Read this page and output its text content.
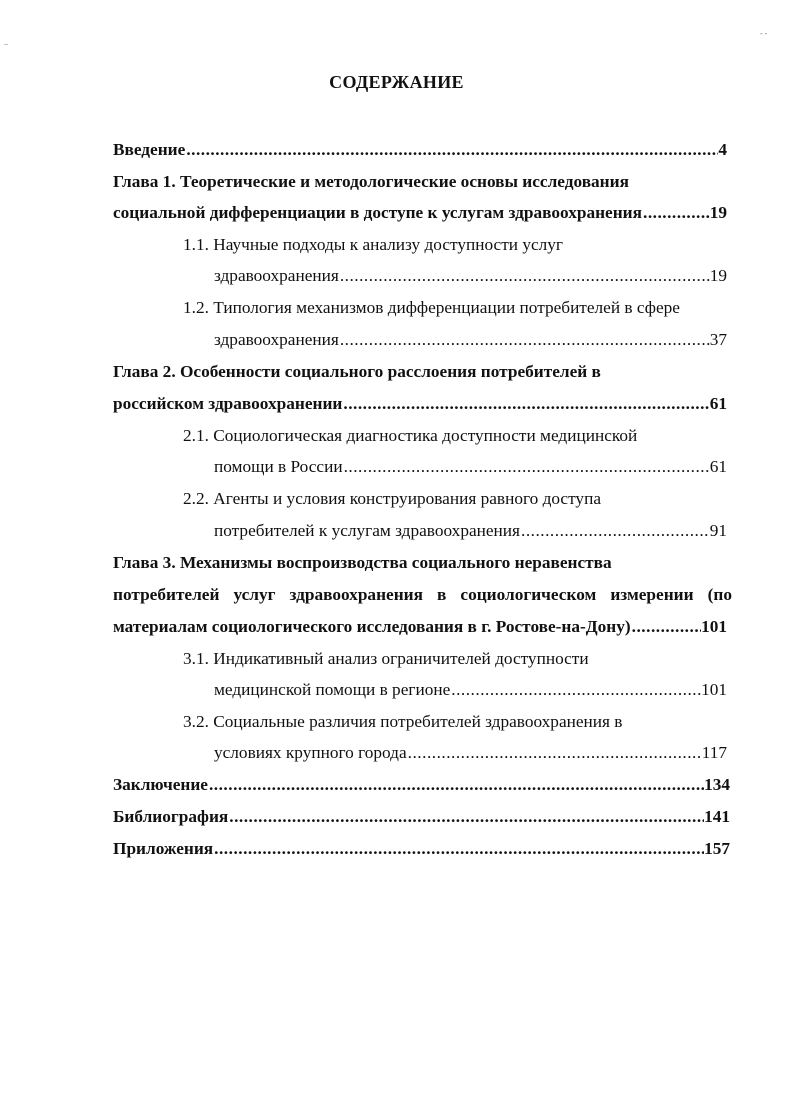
–
- -
СОДЕРЖАНИЕ
Введение .....	4
Глава 1. Теоретические и методологические основы исследования
социальной дифференциации в доступе к услугам здравоохранения .....	19
1.1. Научные подходы к анализу доступности услуг
здравоохранения .....	19
1.2. Типология механизмов дифференциации потребителей в сфере
здравоохранения .....	37
Глава 2. Особенности социального расслоения потребителей в
российском здравоохранении .....	61
2.1. Социологическая диагностика доступности медицинской
помощи в России .....	61
2.2. Агенты и условия конструирования равного доступа
потребителей к услугам здравоохранения .....	91
Глава 3. Механизмы воспроизводства социального неравенства
потребителей услуг здравоохранения в социологическом измерении (по
материалам социологического исследования в г. Ростове-на-Дону) .....	101
3.1. Индикативный анализ ограничителей доступности
медицинской помощи в регионе .....	101
3.2. Социальные различия потребителей здравоохранения в
условиях крупного города .....	117
Заключение .....	134
Библиография .....	141
Приложения .....	157
